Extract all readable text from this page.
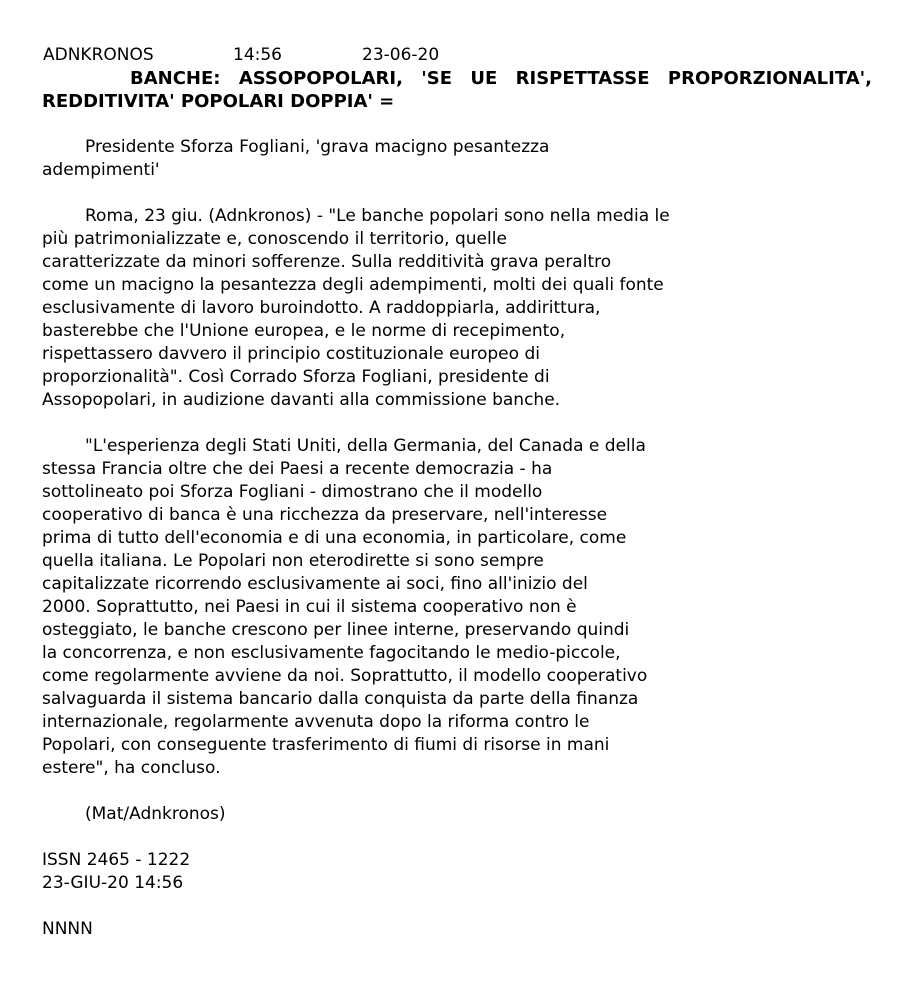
ADNKRONOS	14:56	23-06-20
BANCHE: ASSOPOPOLARI, 'SE UE RISPETTASSE PROPORZIONALITA',
REDDITIVITA' POPOLARI DOPPIA' =
Presidente Sforza Fogliani, 'grava macigno pesantezza
adempimenti'
Roma, 23 giu. (Adnkronos) - "Le banche popolari sono nella media le
più patrimonializzate e, conoscendo il territorio, quelle
caratterizzate da minori sofferenze. Sulla redditività grava peraltro
come un macigno la pesantezza degli adempimenti, molti dei quali fonte
esclusivamente di lavoro buroindotto. A raddoppiarla, addirittura,
basterebbe che l'Unione europea, e le norme di recepimento,
rispettassero davvero il principio costituzionale europeo di
proporzionalità". Così Corrado Sforza Fogliani, presidente di
Assopopolari, in audizione davanti alla commissione banche.
"L'esperienza degli Stati Uniti, della Germania, del Canada e della
stessa Francia oltre che dei Paesi a recente democrazia - ha
sottolineato poi Sforza Fogliani - dimostrano che il modello
cooperativo di banca è una ricchezza da preservare, nell'interesse
prima di tutto dell'economia e di una economia, in particolare, come
quella italiana. Le Popolari non eterodirette si sono sempre
capitalizzate ricorrendo esclusivamente ai soci, fino all'inizio del
2000. Soprattutto, nei Paesi in cui il sistema cooperativo non è
osteggiato, le banche crescono per linee interne, preservando quindi
la concorrenza, e non esclusivamente fagocitando le medio-piccole,
come regolarmente avviene da noi. Soprattutto, il modello cooperativo
salvaguarda il sistema bancario dalla conquista da parte della finanza
internazionale, regolarmente avvenuta dopo la riforma contro le
Popolari, con conseguente trasferimento di fiumi di risorse in mani
estere", ha concluso.
(Mat/Adnkronos)
ISSN 2465 - 1222
23-GIU-20 14:56
NNNN
